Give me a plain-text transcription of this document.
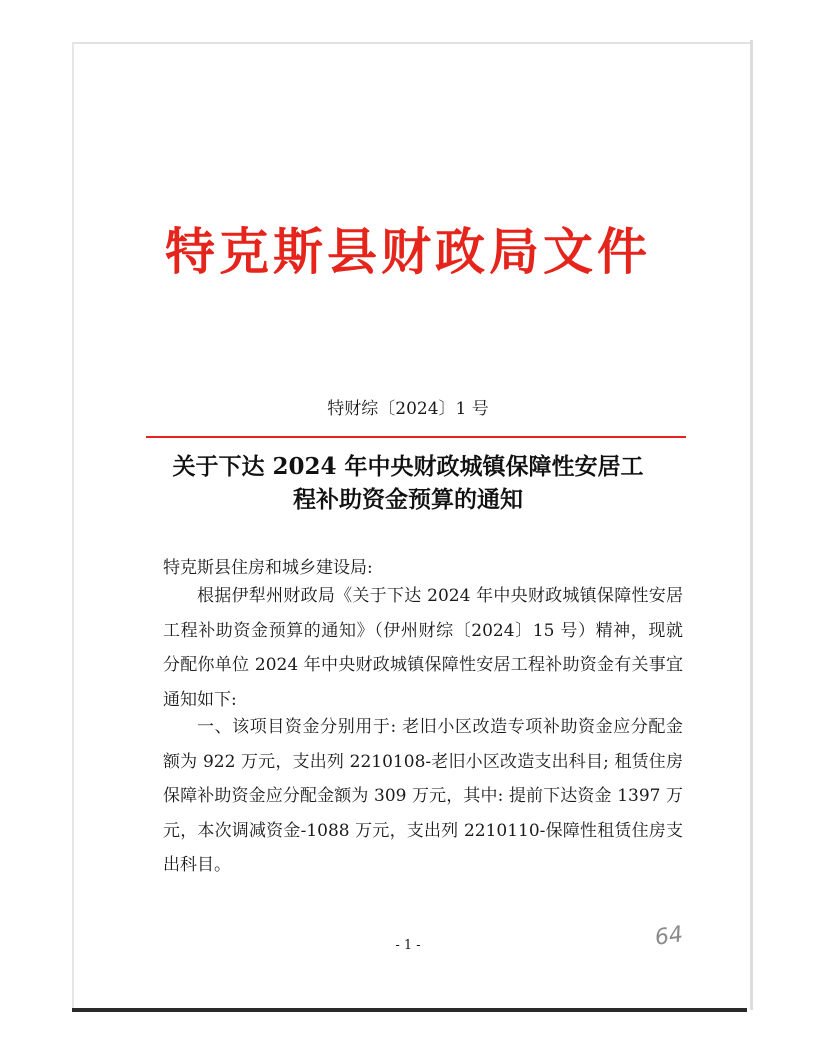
特克斯县财政局文件
特财综〔2024〕1 号
关于下达 2024 年中央财政城镇保障性安居工
程补助资金预算的通知
特克斯县住房和城乡建设局:
根据伊犁州财政局《关于下达 2024 年中央财政城镇保障性安居工程补助资金预算的通知》（伊州财综〔2024〕15 号）精神，现就分配你单位 2024 年中央财政城镇保障性安居工程补助资金有关事宜通知如下:
一、该项目资金分别用于: 老旧小区改造专项补助资金应分配金额为 922 万元，支出列 2210108-老旧小区改造支出科目; 租赁住房保障补助资金应分配金额为 309 万元，其中: 提前下达资金 1397 万元，本次调减资金-1088 万元，支出列 2210110-保障性租赁住房支出科目。
- 1 -	64
